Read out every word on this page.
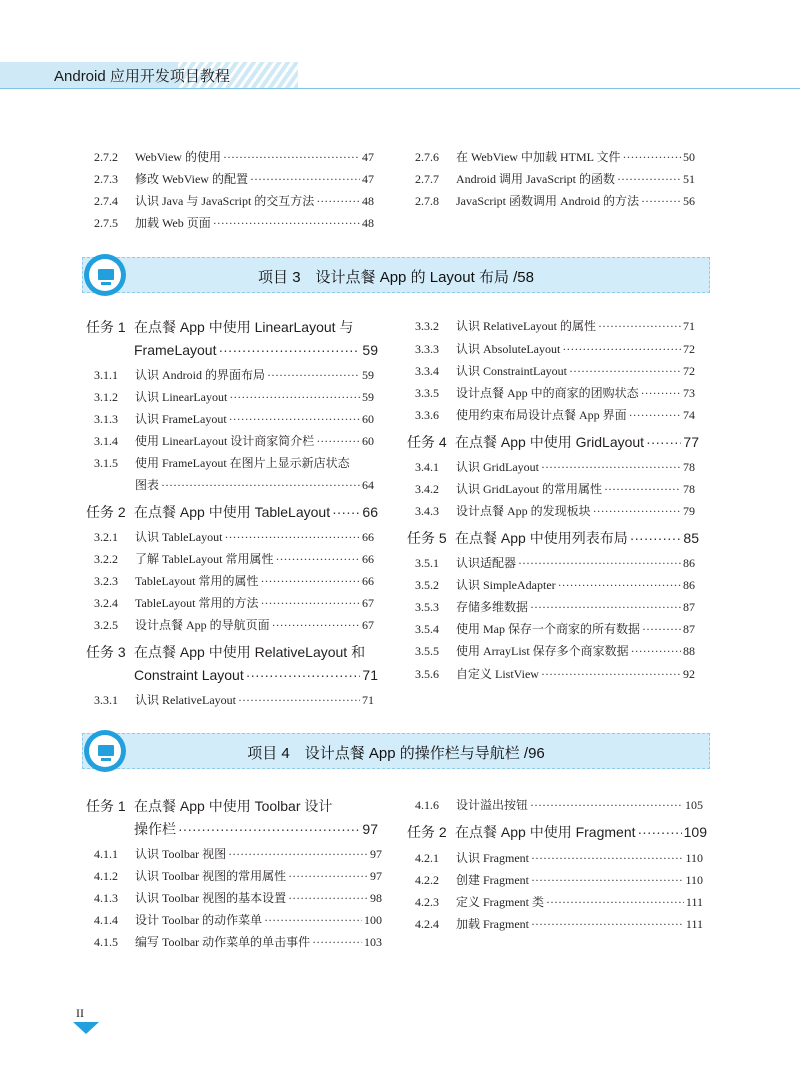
Android 应用开发项目教程
2.7.2	WebView 的使用 ·····	47
2.7.3	修改 WebView 的配置 ·····	47
2.7.4	认识 Java 与 JavaScript 的交互方法 ·····	48
2.7.5	加载 Web 页面 ·····	48
2.7.6	在 WebView 中加载 HTML 文件 ·····	50
2.7.7	Android 调用 JavaScript 的函数 ·····	51
2.7.8	JavaScript 函数调用 Android 的方法 ·····	56
项目 3　设计点餐 App 的 Layout 布局 /58
任务 1 在点餐 App 中使用 LinearLayout 与
FrameLayout ·····	59
3.1.1	认识 Android 的界面布局 ·····	59
3.1.2	认识 LinearLayout ·····	59
3.1.3	认识 FrameLayout ·····	60
3.1.4	使用 LinearLayout 设计商家简介栏 ·····	60
3.1.5	使用 FrameLayout 在图片上显示新店状态
图表 ·····	64
任务 2 在点餐 App 中使用 TableLayout ····· 66
3.2.1	认识 TableLayout ·····	66
3.2.2	了解 TableLayout 常用属性 ·····	66
3.2.3	TableLayout 常用的属性 ·····	66
3.2.4	TableLayout 常用的方法 ·····	67
3.2.5	设计点餐 App 的导航页面 ·····	67
任务 3 在点餐 App 中使用 RelativeLayout 和
Constraint Layout ·····	71
3.3.1	认识 RelativeLayout ·····	71
3.3.2	认识 RelativeLayout 的属性 ·····	71
3.3.3	认识 AbsoluteLayout ·····	72
3.3.4	认识 ConstraintLayout ·····	72
3.3.5	设计点餐 App 中的商家的团购状态 ·····	73
3.3.6	使用约束布局设计点餐 App 界面 ·····	74
任务 4 在点餐 App 中使用 GridLayout ·····	77
3.4.1	认识 GridLayout ·····	78
3.4.2	认识 GridLayout 的常用属性 ·····	78
3.4.3	设计点餐 App 的发现板块 ·····	79
任务 5 在点餐 App 中使用列表布局 ·····	85
3.5.1	认识适配器 ·····	86
3.5.2	认识 SimpleAdapter ·····	86
3.5.3	存储多维数据 ·····	87
3.5.4	使用 Map 保存一个商家的所有数据 ·····	87
3.5.5	使用 ArrayList 保存多个商家数据 ·····	88
3.5.6	自定义 ListView ·····	92
项目 4　设计点餐 App 的操作栏与导航栏 /96
任务 1 在点餐 App 中使用 Toolbar 设计
操作栏 ·····	97
4.1.1	认识 Toolbar 视图 ·····	97
4.1.2	认识 Toolbar 视图的常用属性 ·····	97
4.1.3	认识 Toolbar 视图的基本设置 ·····	98
4.1.4	设计 Toolbar 的动作菜单 ·····	100
4.1.5	编写 Toolbar 动作菜单的单击事件 ·····	103
4.1.6	设计溢出按钮 ·····	105
任务 2 在点餐 App 中使用 Fragment ·····	109
4.2.1	认识 Fragment ·····	110
4.2.2	创建 Fragment ·····	110
4.2.3	定义 Fragment 类 ·····	111
4.2.4	加载 Fragment ·····	111
II
